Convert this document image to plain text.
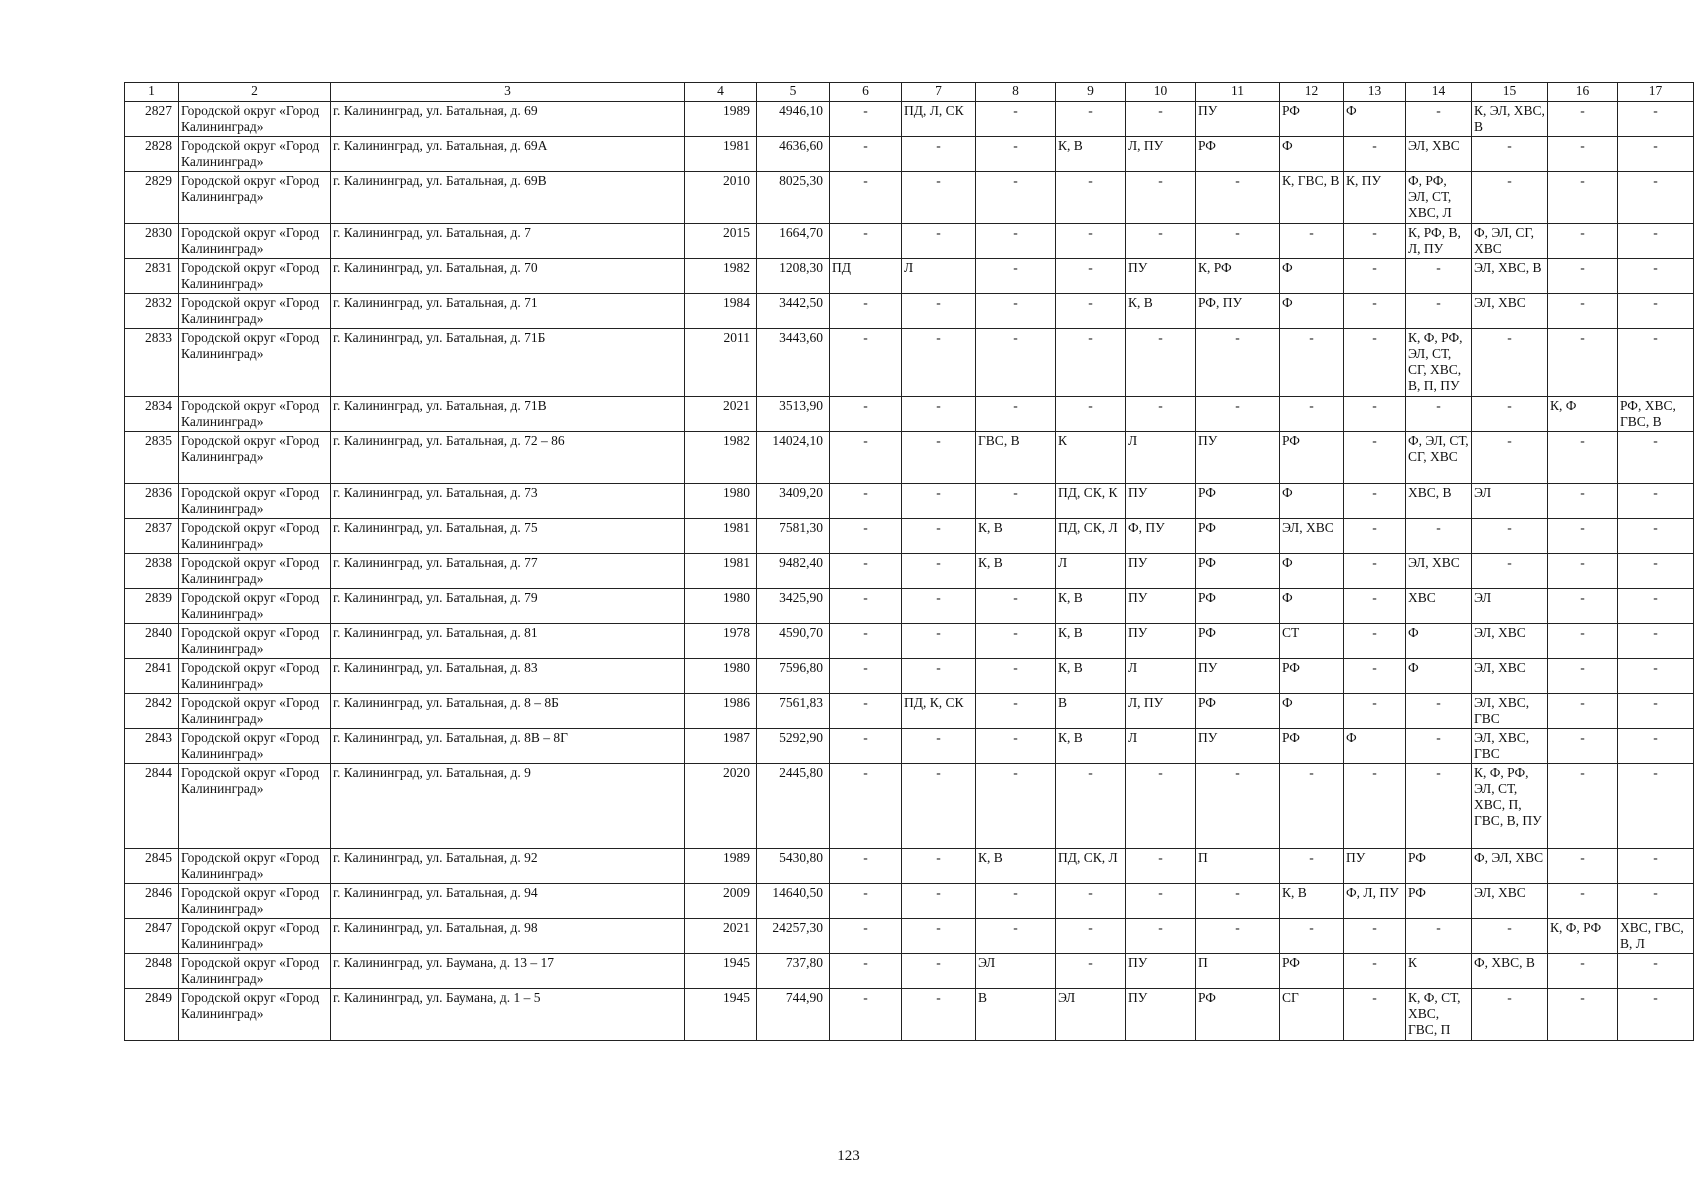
1	2	3	4	5	6	7	8	9	10	11	12	13	14	15	16	17
2827	Городской округ «Город Калининград»	г. Калининград, ул. Батальная, д. 69	1989	4946,10	-	ПД, Л, СК	-	-	-	ПУ	РФ	Ф	-	К, ЭЛ, ХВС, В	-	-
2828	Городской округ «Город Калининград»	г. Калининград, ул. Батальная, д. 69А	1981	4636,60	-	-	-	К, В	Л, ПУ	РФ	Ф	-	ЭЛ, ХВС	-	-	-
2829	Городской округ «Город Калининград»	г. Калининград, ул. Батальная, д. 69В	2010	8025,30	-	-	-	-	-	-	К, ГВС, В	К, ПУ	Ф, РФ, ЭЛ, СТ, ХВС, Л	-	-	-
2830	Городской округ «Город Калининград»	г. Калининград, ул. Батальная, д. 7	2015	1664,70	-	-	-	-	-	-	-	-	К, РФ, В, Л, ПУ	Ф, ЭЛ, СГ, ХВС	-	-
2831	Городской округ «Город Калининград»	г. Калининград, ул. Батальная, д. 70	1982	1208,30	ПД	Л	-	-	ПУ	К, РФ	Ф	-	-	ЭЛ, ХВС, В	-	-
2832	Городской округ «Город Калининград»	г. Калининград, ул. Батальная, д. 71	1984	3442,50	-	-	-	-	К, В	РФ, ПУ	Ф	-	-	ЭЛ, ХВС	-	-
2833	Городской округ «Город Калининград»	г. Калининград, ул. Батальная, д. 71Б	2011	3443,60	-	-	-	-	-	-	-	-	К, Ф, РФ, ЭЛ, СТ, СГ, ХВС, В, П, ПУ	-	-	-
2834	Городской округ «Город Калининград»	г. Калининград, ул. Батальная, д. 71В	2021	3513,90	-	-	-	-	-	-	-	-	-	-	К, Ф	РФ, ХВС, ГВС, В
2835	Городской округ «Город Калининград»	г. Калининград, ул. Батальная, д. 72 – 86	1982	14024,10	-	-	ГВС, В	К	Л	ПУ	РФ	-	Ф, ЭЛ, СТ, СГ, ХВС	-	-	-
2836	Городской округ «Город Калининград»	г. Калининград, ул. Батальная, д. 73	1980	3409,20	-	-	-	ПД, СК, К	ПУ	РФ	Ф	-	ХВС, В	ЭЛ	-	-
2837	Городской округ «Город Калининград»	г. Калининград, ул. Батальная, д. 75	1981	7581,30	-	-	К, В	ПД, СК, Л	Ф, ПУ	РФ	ЭЛ, ХВС	-	-	-	-	-
2838	Городской округ «Город Калининград»	г. Калининград, ул. Батальная, д. 77	1981	9482,40	-	-	К, В	Л	ПУ	РФ	Ф	-	ЭЛ, ХВС	-	-	-
2839	Городской округ «Город Калининград»	г. Калининград, ул. Батальная, д. 79	1980	3425,90	-	-	-	К, В	ПУ	РФ	Ф	-	ХВС	ЭЛ	-	-
2840	Городской округ «Город Калининград»	г. Калининград, ул. Батальная, д. 81	1978	4590,70	-	-	-	К, В	ПУ	РФ	СТ	-	Ф	ЭЛ, ХВС	-	-
2841	Городской округ «Город Калининград»	г. Калининград, ул. Батальная, д. 83	1980	7596,80	-	-	-	К, В	Л	ПУ	РФ	-	Ф	ЭЛ, ХВС	-	-
2842	Городской округ «Город Калининград»	г. Калининград, ул. Батальная, д. 8 – 8Б	1986	7561,83	-	ПД, К, СК	-	В	Л, ПУ	РФ	Ф	-	-	ЭЛ, ХВС, ГВС	-	-
2843	Городской округ «Город Калининград»	г. Калининград, ул. Батальная, д. 8В – 8Г	1987	5292,90	-	-	-	К, В	Л	ПУ	РФ	Ф	-	ЭЛ, ХВС, ГВС	-	-
2844	Городской округ «Город Калининград»	г. Калининград, ул. Батальная, д. 9	2020	2445,80	-	-	-	-	-	-	-	-	-	К, Ф, РФ, ЭЛ, СТ, ХВС, П, ГВС, В, ПУ	-	-
2845	Городской округ «Город Калининград»	г. Калининград, ул. Батальная, д. 92	1989	5430,80	-	-	К, В	ПД, СК, Л	-	П	-	ПУ	РФ	Ф, ЭЛ, ХВС	-	-
2846	Городской округ «Город Калининград»	г. Калининград, ул. Батальная, д. 94	2009	14640,50	-	-	-	-	-	-	К, В	Ф, Л, ПУ	РФ	ЭЛ, ХВС	-	-
2847	Городской округ «Город Калининград»	г. Калининград, ул. Батальная, д. 98	2021	24257,30	-	-	-	-	-	-	-	-	-	-	К, Ф, РФ	ХВС, ГВС, В, Л
2848	Городской округ «Город Калининград»	г. Калининград, ул. Баумана, д. 13 – 17	1945	737,80	-	-	ЭЛ	-	ПУ	П	РФ	-	К	Ф, ХВС, В	-	-
2849	Городской округ «Город Калининград»	г. Калининград, ул. Баумана, д. 1 – 5	1945	744,90	-	-	В	ЭЛ	ПУ	РФ	СГ	-	К, Ф, СТ, ХВС, ГВС, П	-	-	-
123
